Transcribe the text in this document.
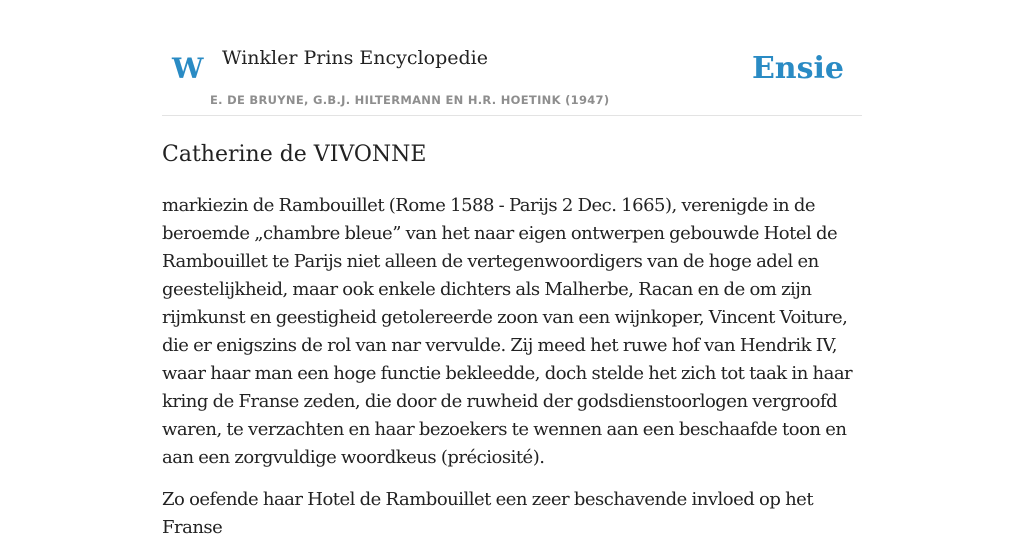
W Winkler Prins Encyclopedie
E. DE BRUYNE, G.B.J. HILTERMANN EN H.R. HOETINK (1947)
Ensie
Catherine de VIVONNE

markiezin de Rambouillet (Rome 1588 - Parijs 2 Dec. 1665), verenigde in de beroemde „chambre bleue” van het naar eigen ontwerpen gebouwde Hotel de Rambouillet te Parijs niet alleen de vertegenwoordigers van de hoge adel en geestelijkheid, maar ook enkele dichters als Malherbe, Racan en de om zijn rijmkunst en geestigheid getolereerde zoon van een wijnkoper, Vincent Voiture, die er enigszins de rol van nar vervulde. Zij meed het ruwe hof van Hendrik IV, waar haar man een hoge functie bekleedde, doch stelde het zich tot taak in haar kring de Franse zeden, die door de ruwheid der godsdienstoorlogen vergroofd waren, te verzachten en haar bezoekers te wennen aan een beschaafde toon en aan een zorgvuldige woordkeus (préciosité).

Zo oefende haar Hotel de Rambouillet een zeer beschavende invloed op het Franse
